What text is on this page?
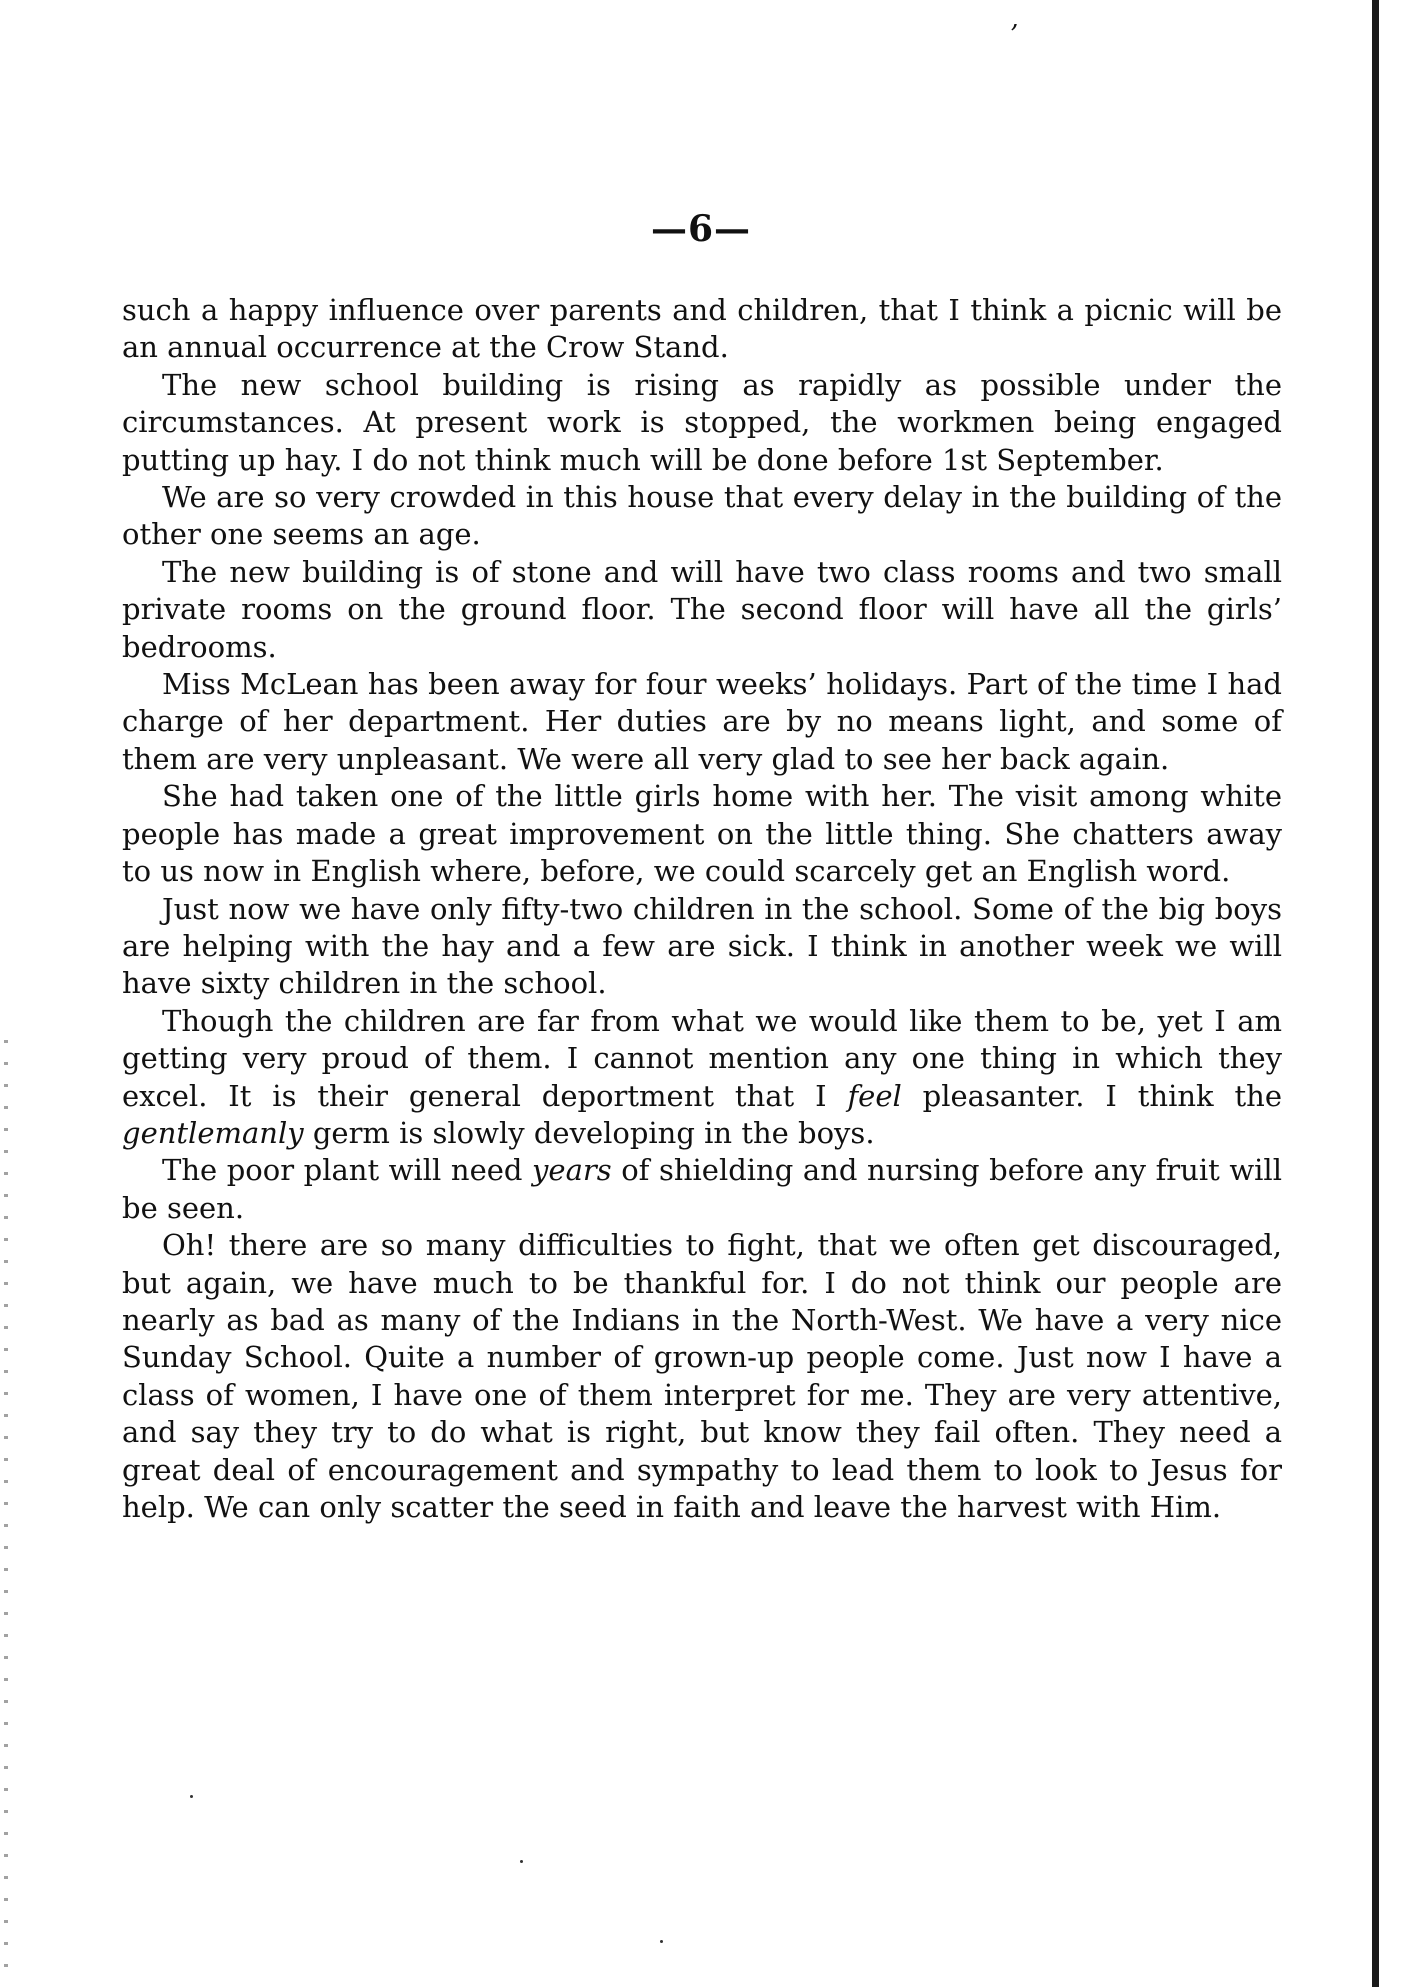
’
—6—

such a happy influence over parents and children, that I think a picnic will be an annual occurrence at the Crow Stand.

The new school building is rising as rapidly as possible under the circumstances. At present work is stopped, the workmen being engaged putting up hay. I do not think much will be done before 1st September.

We are so very crowded in this house that every delay in the building of the other one seems an age.

The new building is of stone and will have two class rooms and two small private rooms on the ground floor. The second floor will have all the girls’ bedrooms.

Miss McLean has been away for four weeks’ holidays. Part of the time I had charge of her department. Her duties are by no means light, and some of them are very unpleasant. We were all very glad to see her back again.

She had taken one of the little girls home with her. The visit among white people has made a great improvement on the little thing. She chatters away to us now in English where, before, we could scarcely get an English word.

Just now we have only fifty-two children in the school. Some of the big boys are helping with the hay and a few are sick. I think in another week we will have sixty children in the school.

Though the children are far from what we would like them to be, yet I am getting very proud of them. I cannot mention any one thing in which they excel. It is their general deportment that I feel pleasanter. I think the gentlemanly germ is slowly developing in the boys.

The poor plant will need years of shielding and nursing before any fruit will be seen.

Oh! there are so many difficulties to fight, that we often get discouraged, but again, we have much to be thankful for. I do not think our people are nearly as bad as many of the Indians in the North-West. We have a very nice Sunday School. Quite a number of grown-up people come. Just now I have a class of women, I have one of them interpret for me. They are very attentive, and say they try to do what is right, but know they fail often. They need a great deal of encouragement and sympathy to lead them to look to Jesus for help. We can only scatter the seed in faith and leave the harvest with Him.
